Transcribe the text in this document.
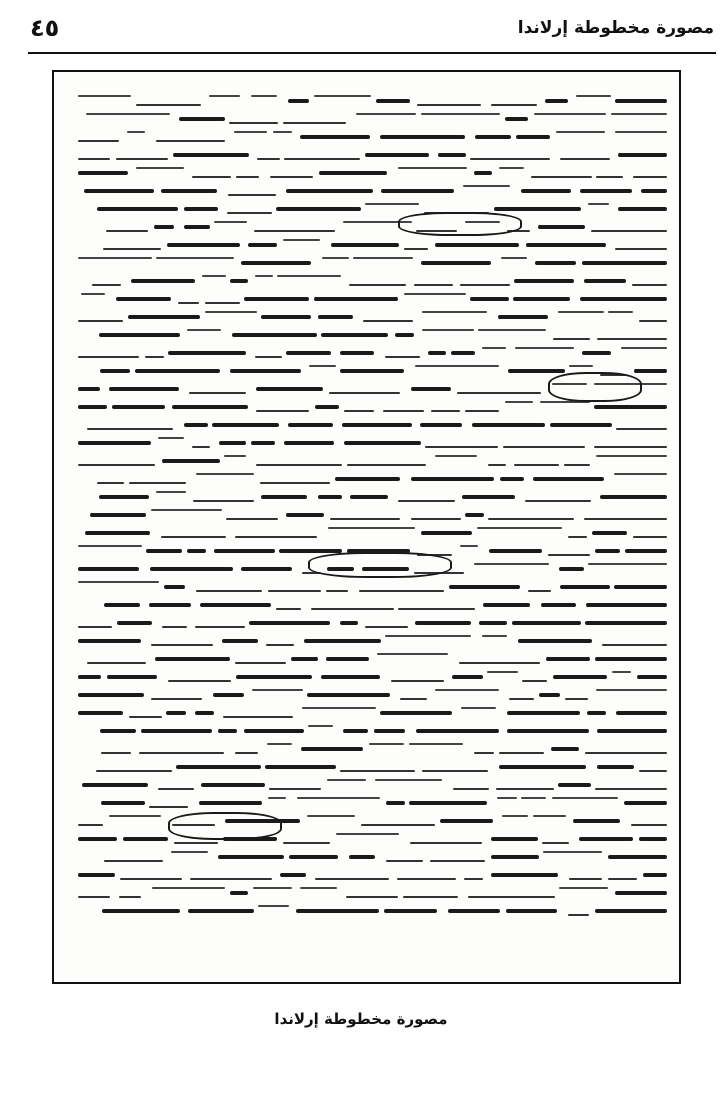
٤٥	مصورة مخطوطة إرلاندا
مصورة مخطوطة إرلاندا
